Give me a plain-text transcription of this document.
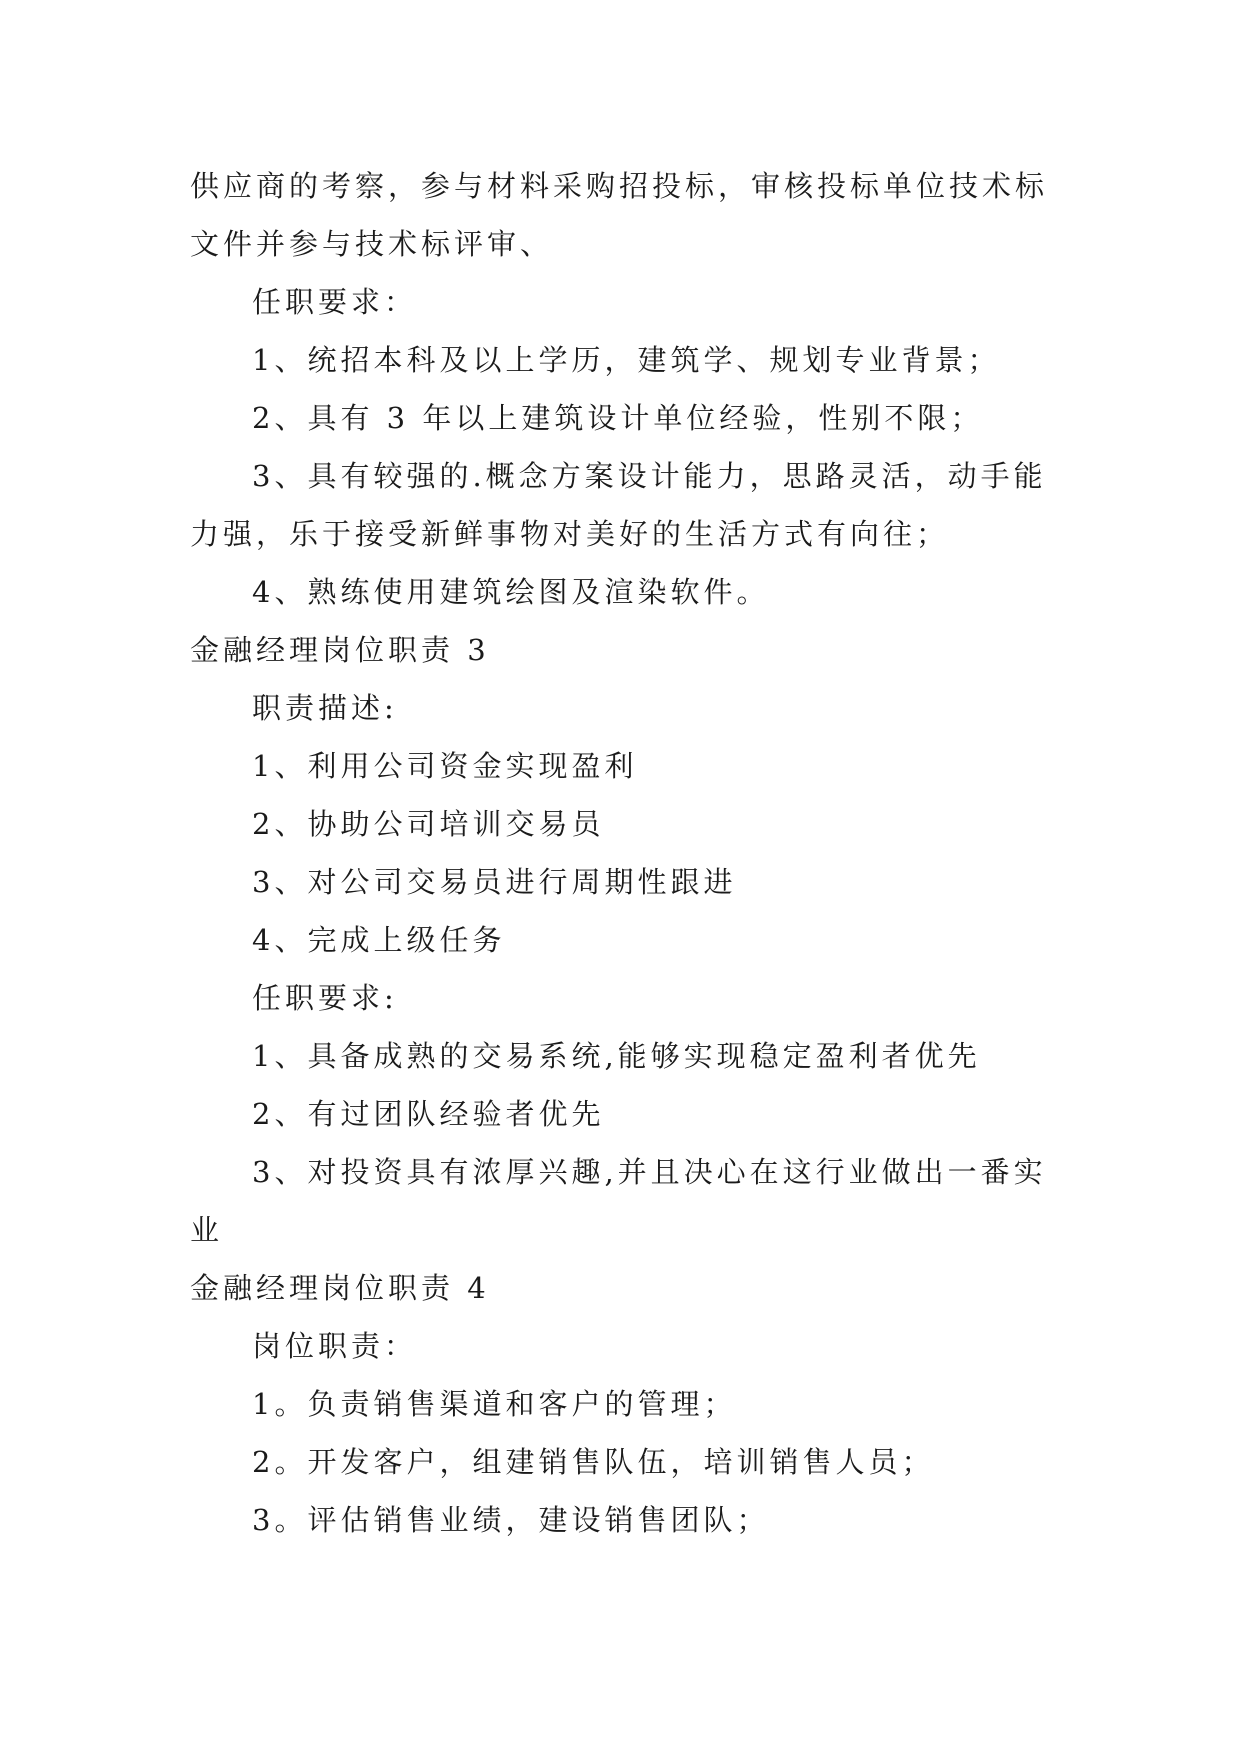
供应商的考察，参与材料采购招投标，审核投标单位技术标
文件并参与技术标评审、
任职要求：
1、统招本科及以上学历，建筑学、规划专业背景；
2、具有 3 年以上建筑设计单位经验，性别不限；
3、具有较强的.概念方案设计能力，思路灵活，动手能
力强，乐于接受新鲜事物对美好的生活方式有向往；
4、熟练使用建筑绘图及渲染软件。
金融经理岗位职责 3
职责描述:
1、利用公司资金实现盈利
2、协助公司培训交易员
3、对公司交易员进行周期性跟进
4、完成上级任务
任职要求:
1、具备成熟的交易系统,能够实现稳定盈利者优先
2、有过团队经验者优先
3、对投资具有浓厚兴趣,并且决心在这行业做出一番实
业
金融经理岗位职责 4
岗位职责：
1。负责销售渠道和客户的管理；
2。开发客户，组建销售队伍，培训销售人员；
3。评估销售业绩，建设销售团队；
